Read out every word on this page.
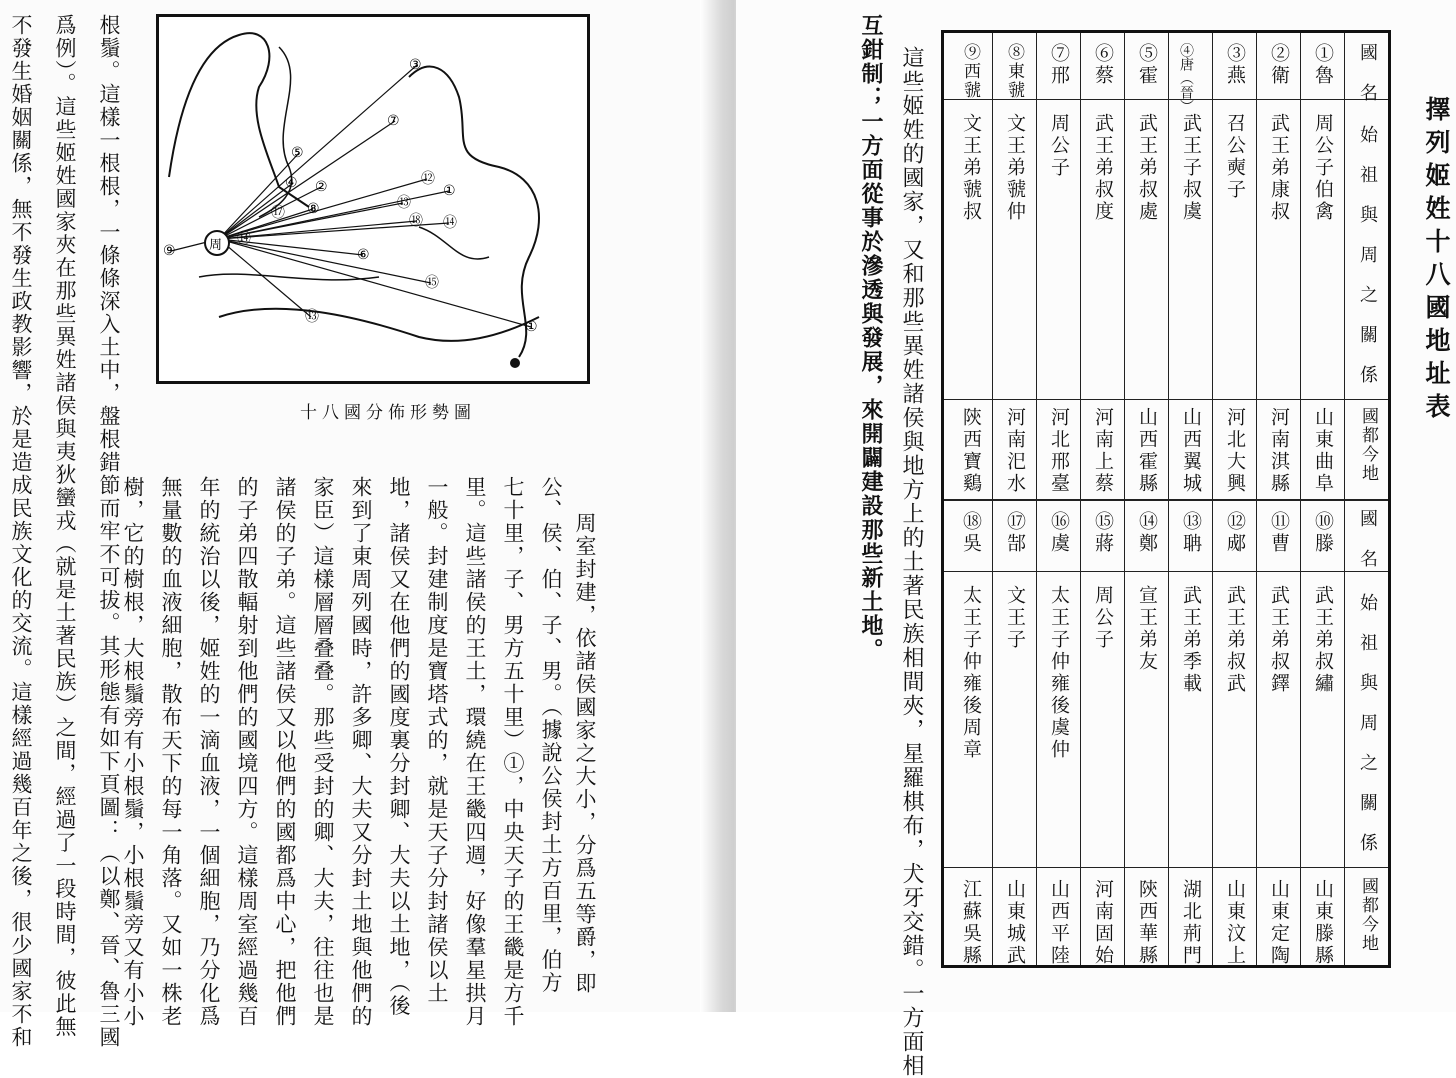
根鬚。這樣一根根，一條條深入土中，盤根錯節而牢不可拔。其形態有如下頁圖：（以鄭、晉、魯三國
爲例）。這些姬姓國家夾在那些異姓諸侯與夷狄蠻戎（就是土著民族）之間，經過了一段時間，彼此無
不發生婚姻關係，無不發生政教影響，於是造成民族文化的交流。這樣經過幾百年之後，很少國家不和	周
③
⑦
⑤
④ ②
⑧
⑰
⑫
①
⑬
⑱ ⑭
⑭
⑥
⑮
⑬
①
⑨
十八國分佈形勢圖
周室封建，依諸侯國家之大小，分爲五等爵，即
公、侯、伯、子、男。（據說公侯封土方百里，伯方
七十里，子、男方五十里）①，中央天子的王畿是方千
里。這些諸侯的王土，環繞在王畿四週，好像羣星拱月
一般。封建制度是寶塔式的，就是天子分封諸侯以土
地，諸侯又在他們的國度裏分封卿、大夫以土地，（後
來到了東周列國時，許多卿、大夫又分封土地與他們的
家臣）這樣層層叠叠。那些受封的卿、大夫，往往也是
諸侯的子弟。這些諸侯又以他們的國都爲中心，把他們
的子弟四散輻射到他們的國境四方。這樣周室經過幾百
年的統治以後，姬姓的一滴血液，一個細胞，乃分化爲
無量數的血液細胞，散布天下的每一角落。又如一株老
樹，它的樹根，大根鬚旁有小根鬚，小根鬚旁又有小小
擇列姬姓十八國地址表
國名
始祖與周之關係
國都今地
國名
始祖與周之關係
國都今地
①魯
周公子伯禽
山東曲阜
②衛
武王弟康叔
河南淇縣
③燕
召公奭子
河北大興
④唐（晉）
武王子叔虞
山西翼城
⑤霍
武王弟叔處
山西霍縣
⑥蔡
武王弟叔度
河南上蔡
⑦邢
周公子
河北邢臺
⑧東虢
文王弟虢仲
河南汜水
⑨西虢
文王弟虢叔
陝西寶鷄
⑩滕
武王弟叔繡
山東滕縣
⑪曹
武王弟叔鐸
山東定陶
⑫郕
武王弟叔武
山東汶上
⑬聃
武王弟季載
湖北荊門
⑭鄭
宣王弟友
陝西華縣
⑮蔣
周公子
河南固始
⑯虞
太王子仲雍後虞仲
山西平陸
⑰郜
文王子
山東城武
⑱吳
太王子仲雍後周章
江蘇吳縣
這些姬姓的國家，又和那些異姓諸侯與地方上的土著民族相間夾，星羅棋布，犬牙交錯。一方面相
互鉗制；一方面從事於滲透與發展，來開闢建設那些新土地。
